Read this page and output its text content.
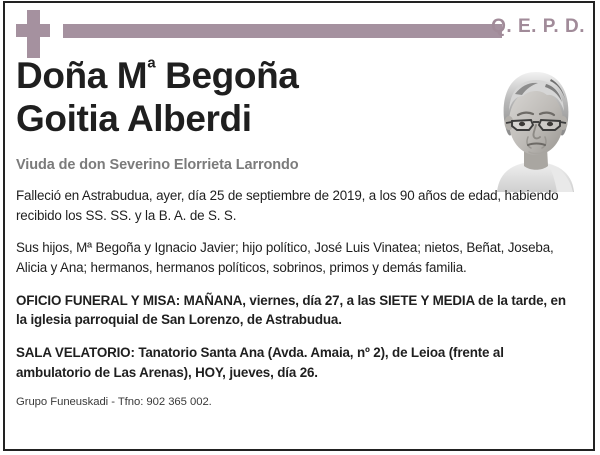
Q. E. P. D.
Doña $M^ª$ Begoña
Goitia Alberdi

Viuda de don Severino Elorrieta Larrondo

Falleció en Astrabudua, ayer, día 25 de septiembre de 2019, a los 90 años de edad, habiendo recibido los SS. SS. y la B. A. de S. S.

Sus hijos, Mª Begoña y Ignacio Javier; hijo político, José Luis Vinatea; nietos, Beñat, Joseba, Alicia y Ana; hermanos, hermanos políticos, sobrinos, primos y demás familia.

OFICIO FUNERAL Y MISA: MAÑANA, viernes, día 27, a las SIETE Y MEDIA de la tarde, en la iglesia parroquial de San Lorenzo, de Astrabudua.

SALA VELATORIO: Tanatorio Santa Ana (Avda. Amaia, nº 2), de Leioa (frente al ambulatorio de Las Arenas), HOY, jueves, día 26.

Grupo Funeuskadi - Tfno: 902 365 002.
